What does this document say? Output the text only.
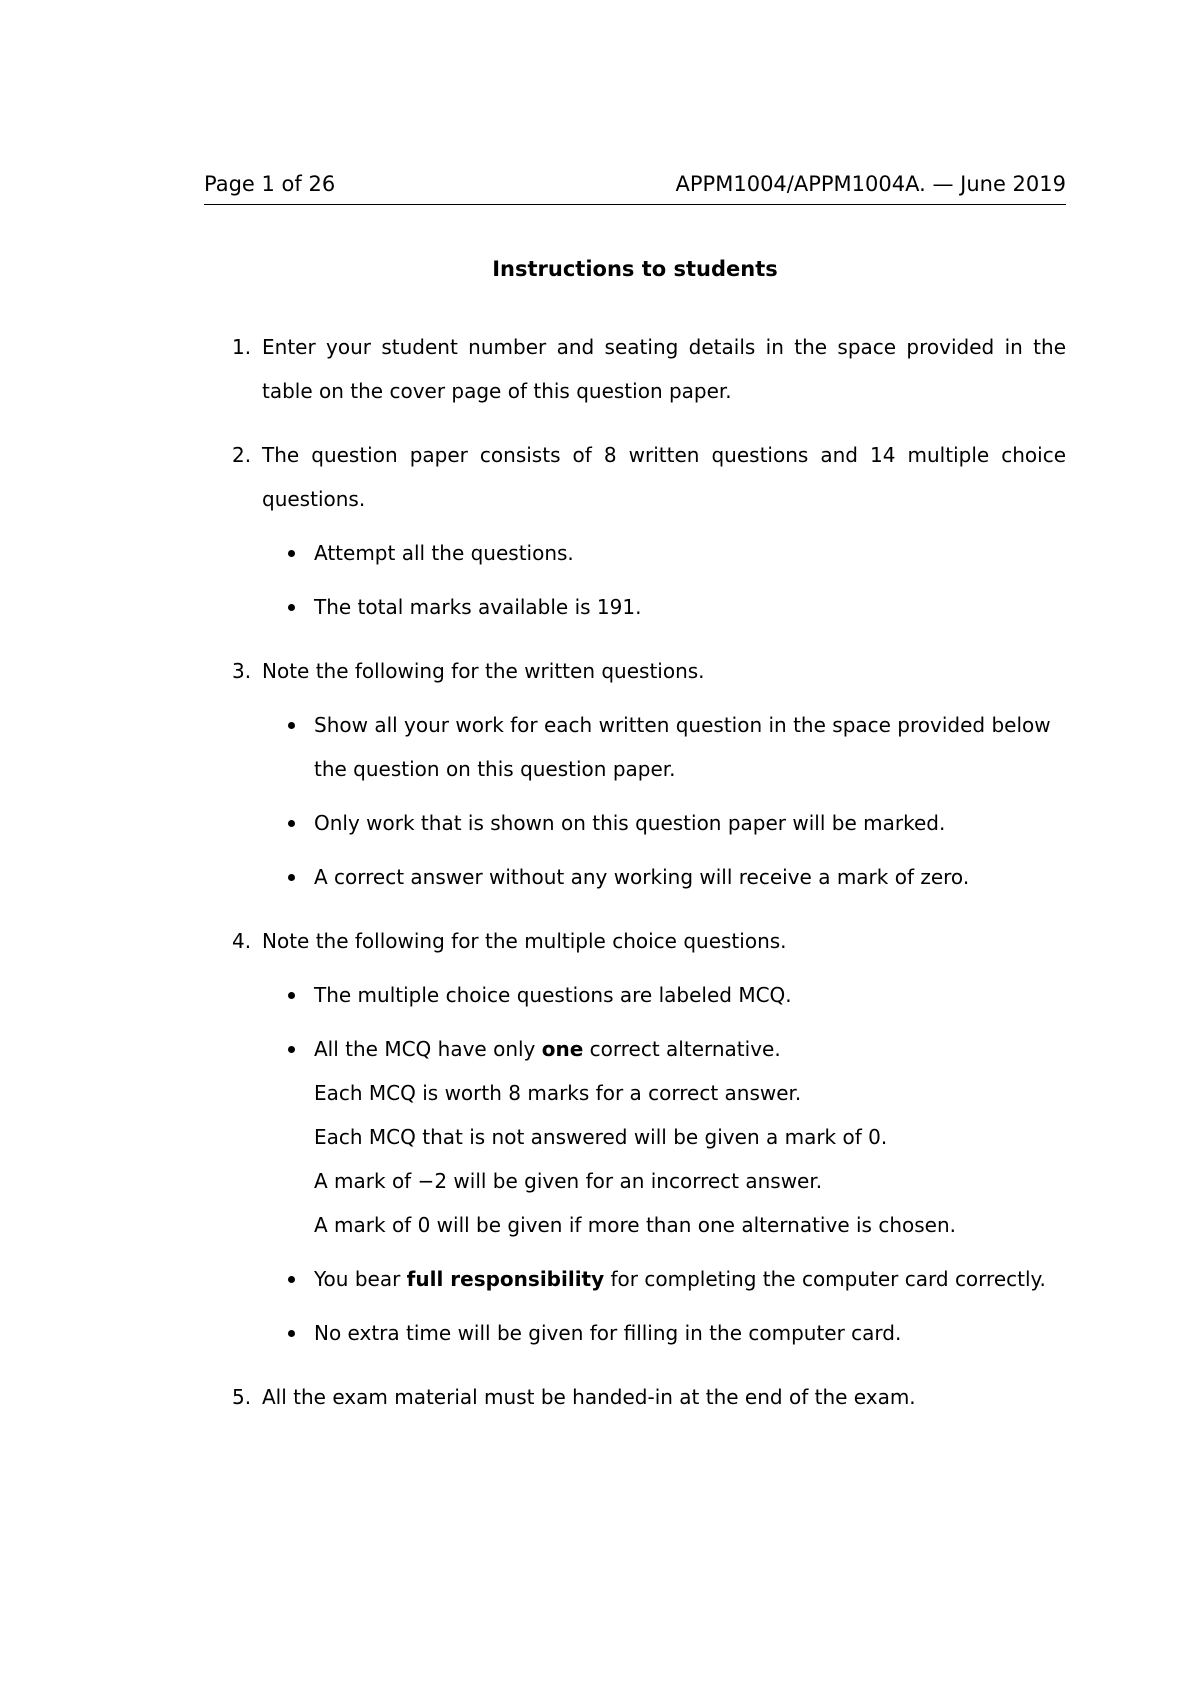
Page 1 of 26	APPM1004/APPM1004A. — June 2019
Instructions to students
1. Enter your student number and seating details in the space provided in the table on the cover page of this question paper.
2. The question paper consists of 8 written questions and 14 multiple choice questions.
Attempt all the questions.
The total marks available is 191.
3. Note the following for the written questions.
Show all your work for each written question in the space provided below the question on this question paper.
Only work that is shown on this question paper will be marked.
A correct answer without any working will receive a mark of zero.
4. Note the following for the multiple choice questions.
The multiple choice questions are labeled MCQ.
All the MCQ have only one correct alternative.
Each MCQ is worth 8 marks for a correct answer.
Each MCQ that is not answered will be given a mark of 0.
A mark of −2 will be given for an incorrect answer.
A mark of 0 will be given if more than one alternative is chosen.
You bear full responsibility for completing the computer card correctly.
No extra time will be given for filling in the computer card.
5. All the exam material must be handed-in at the end of the exam.
